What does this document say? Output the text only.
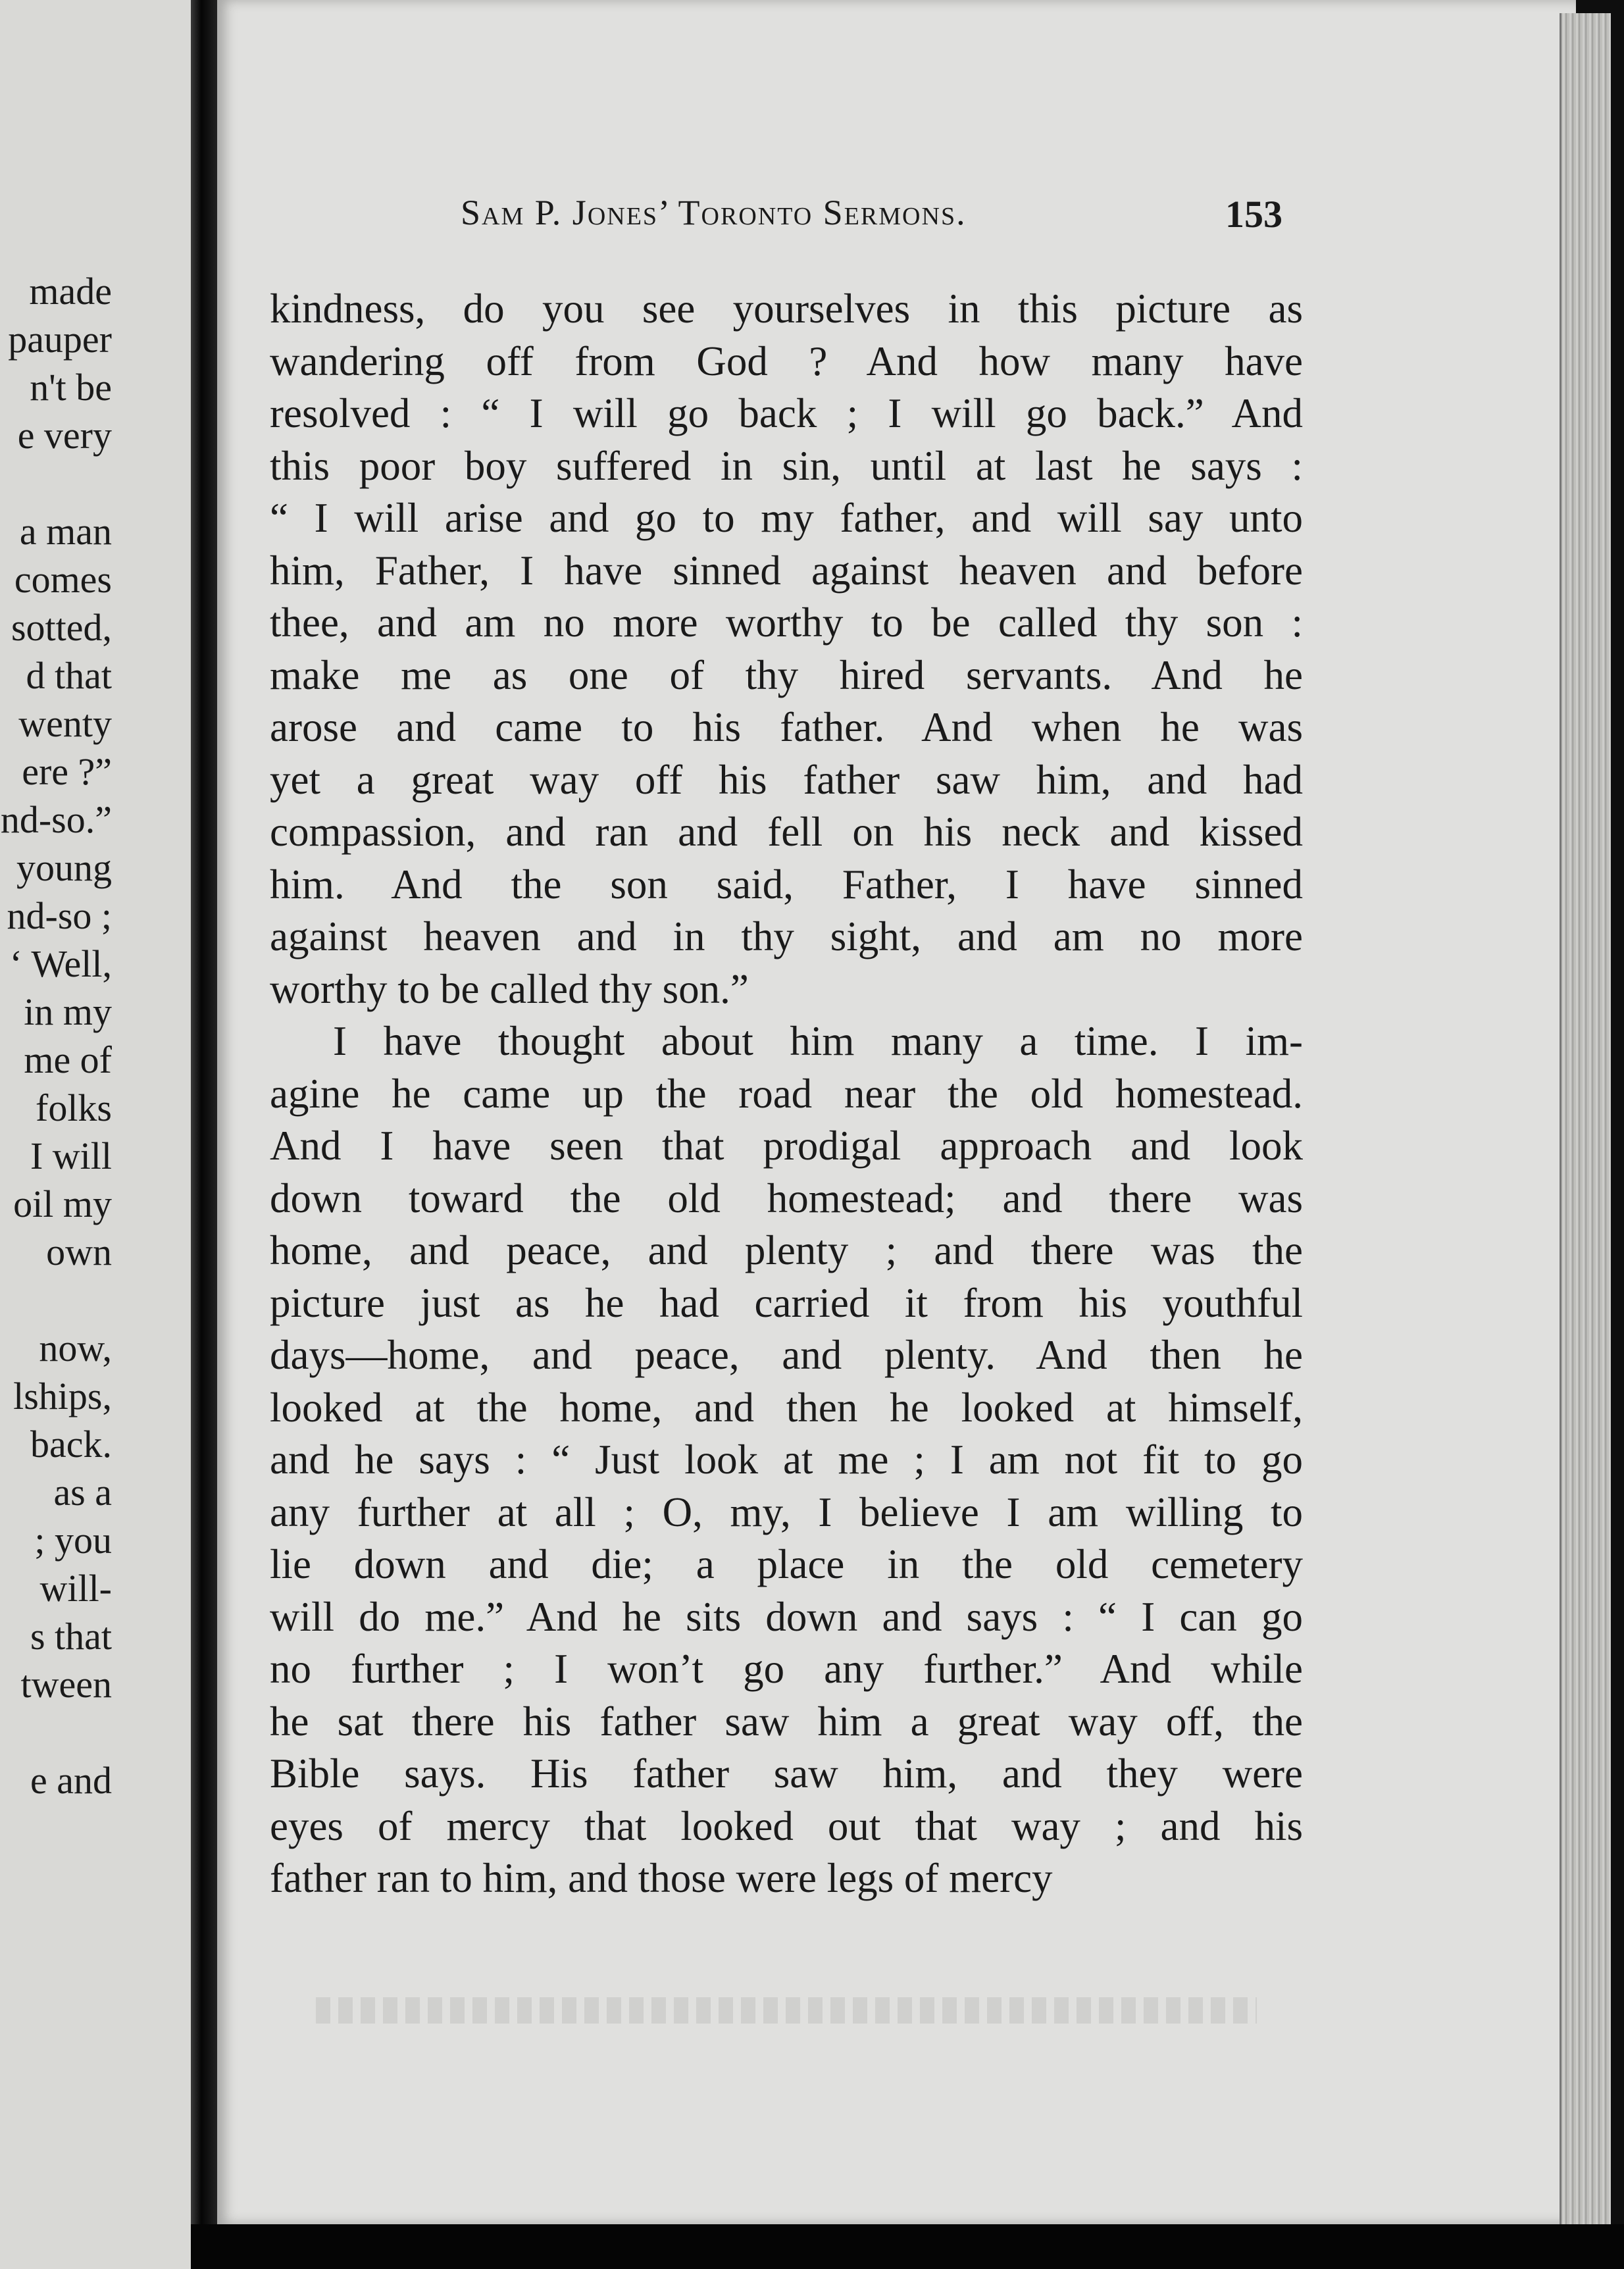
made
pauper
n't be
e very
a man
comes
sotted,
d that
wenty
ere ?”
nd-so.”
young
nd-so ;
‘ Well,
in my
me of
folks
I will
oil my
own
now,
lships,
back.
as a
; you
will-
s that
tween
e and
Sam P. Jones’ Toronto Sermons.	153
kindness, do you see yourselves in this picture as
wandering off from God ? And how many have
resolved : “ I will go back ; I will go back.” And
this poor boy suffered in sin, until at last he says :
“ I will arise and go to my father, and will say unto
him, Father, I have sinned against heaven and before
thee, and am no more worthy to be called thy son :
make me as one of thy hired servants. And he
arose and came to his father. And when he was
yet a great way off his father saw him, and had
compassion, and ran and fell on his neck and kissed
him. And the son said, Father, I have sinned
against heaven and in thy sight, and am no more
worthy to be called thy son.”
I have thought about him many a time. I im-
agine he came up the road near the old homestead.
And I have seen that prodigal approach and look
down toward the old homestead; and there was
home, and peace, and plenty ; and there was the
picture just as he had carried it from his youthful
days—home, and peace, and plenty. And then he
looked at the home, and then he looked at himself,
and he says : “ Just look at me ; I am not fit to go
any further at all ; O, my, I believe I am willing to
lie down and die; a place in the old cemetery
will do me.” And he sits down and says : “ I can go
no further ; I won’t go any further.” And while
he sat there his father saw him a great way off, the
Bible says. His father saw him, and they were
eyes of mercy that looked out that way ; and his
father ran to him, and those were legs of mercy
